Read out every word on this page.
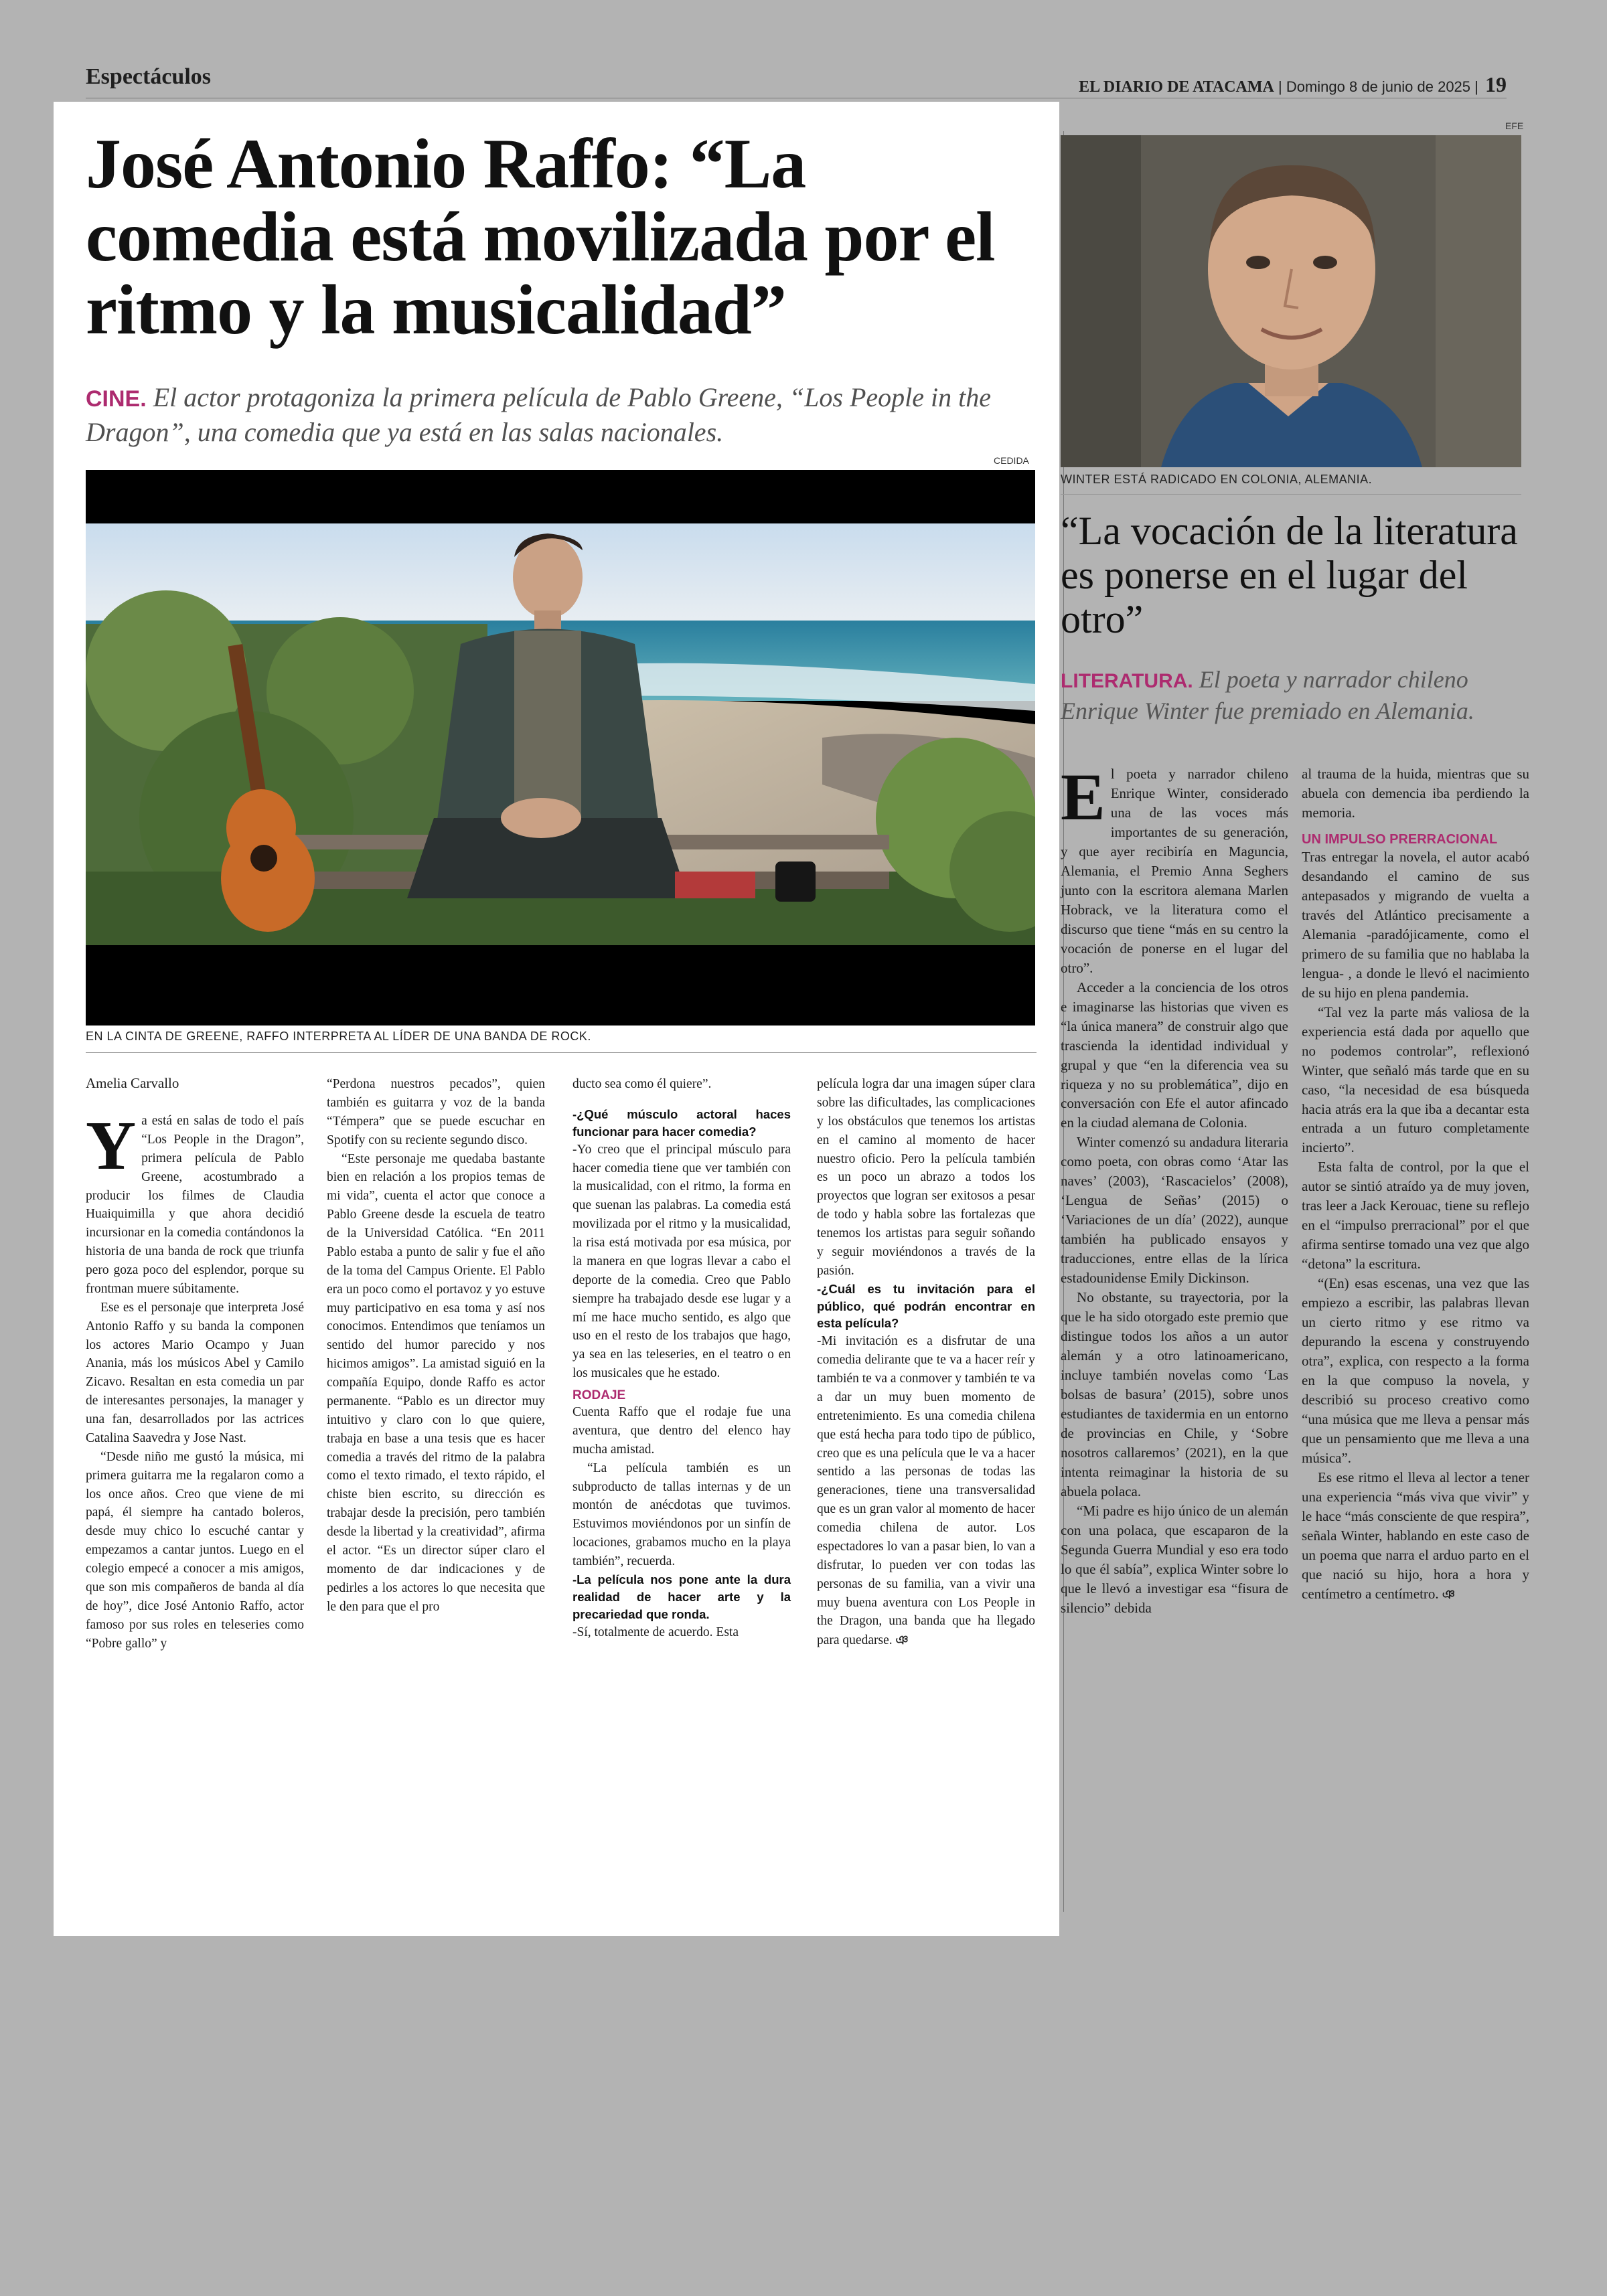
Espectáculos	EL DIARIO DE ATACAMA | Domingo 8 de junio de 2025 | 19
José Antonio Raffo: “La comedia está movilizada por el ritmo y la musicalidad”
CINE. El actor protagoniza la primera película de Pablo Greene, “Los People in the Dragon”, una comedia que ya está en las salas nacionales.
CEDIDA
EN LA CINTA DE GREENE, RAFFO INTERPRETA AL LÍDER DE UNA BANDA DE ROCK.

Amelia Carvallo

Ya está en salas de todo el país “Los People in the Dragon”, primera película de Pablo Greene, acostumbrado a producir los filmes de Claudia Huaiquimilla y que ahora decidió incursionar en la comedia contándonos la historia de una banda de rock que triunfa pero goza poco del esplendor, porque su frontman muere súbitamente.

Ese es el personaje que interpreta José Antonio Raffo y su banda la componen los actores Mario Ocampo y Juan Anania, más los músicos Abel y Camilo Zicavo. Resaltan en esta comedia un par de interesantes personajes, la manager y una fan, desarrollados por las actrices Catalina Saavedra y Jose Nast.

“Desde niño me gustó la música, mi primera guitarra me la regalaron como a los once años. Creo que viene de mi papá, él siempre ha cantado boleros, desde muy chico lo escuché cantar y empezamos a cantar juntos. Luego en el colegio empecé a conocer a mis amigos, que son mis compañeros de banda al día de hoy”, dice José Antonio Raffo, actor famoso por sus roles en teleseries como “Pobre gallo” y

“Perdona nuestros pecados”, quien también es guitarra y voz de la banda “Témpera” que se puede escuchar en Spotify con su reciente segundo disco.

“Este personaje me quedaba bastante bien en relación a los propios temas de mi vida”, cuenta el actor que conoce a Pablo Greene desde la escuela de teatro de la Universidad Católica. “En 2011 Pablo estaba a punto de salir y fue el año de la toma del Campus Oriente. El Pablo era un poco como el portavoz y yo estuve muy participativo en esa toma y así nos conocimos. Entendimos que teníamos un sentido del humor parecido y nos hicimos amigos”. La amistad siguió en la compañía Equipo, donde Raffo es actor permanente. “Pablo es un director muy intuitivo y claro con lo que quiere, trabaja en base a una tesis que es hacer comedia a través del ritmo de la palabra como el texto rimado, el texto rápido, el chiste bien escrito, su dirección es trabajar desde la precisión, pero también desde la libertad y la creatividad”, afirma el actor. “Es un director súper claro el momento de dar indicaciones y de pedirles a los actores lo que necesita que le den para que el pro

ducto sea como él quiere”.

-¿Qué músculo actoral haces funcionar para hacer comedia?

-Yo creo que el principal músculo para hacer comedia tiene que ver también con la musicalidad, con el ritmo, la forma en que suenan las palabras. La comedia está movilizada por el ritmo y la musicalidad, la risa está motivada por esa música, por la manera en que logras llevar a cabo el deporte de la comedia. Creo que Pablo siempre ha trabajado desde ese lugar y a mí me hace mucho sentido, es algo que uso en el resto de los trabajos que hago, ya sea en las teleseries, en el teatro o en los musicales que he estado.

RODAJE

Cuenta Raffo que el rodaje fue una aventura, que dentro del elenco hay mucha amistad.

“La película también es un subproducto de tallas internas y de un montón de anécdotas que tuvimos. Estuvimos moviéndonos por un sinfín de locaciones, grabamos mucho en la playa también”, recuerda.

-La película nos pone ante la dura realidad de hacer arte y la precariedad que ronda.

-Sí, totalmente de acuerdo. Esta

película logra dar una imagen súper clara sobre las dificultades, las complicaciones y los obstáculos que tenemos los artistas en el camino al momento de hacer nuestro oficio. Pero la película también es un poco un abrazo a todos los proyectos que logran ser exitosos a pesar de todo y habla sobre las fortalezas que tenemos los artistas para seguir soñando y seguir moviéndonos a través de la pasión.

-¿Cuál es tu invitación para el público, qué podrán encontrar en esta película?

-Mi invitación es a disfrutar de una comedia delirante que te va a hacer reír y también te va a conmover y también te va a dar un muy buen momento de entretenimiento. Es una comedia chilena que está hecha para todo tipo de público, creo que es una película que le va a hacer sentido a las personas de todas las generaciones, tiene una transversalidad que es un gran valor al momento de hacer comedia chilena de autor. Los espectadores lo van a pasar bien, lo van a disfrutar, lo pueden ver con todas las personas de su familia, van a vivir una muy buena aventura con Los People in the Dragon, una banda que ha llegado para quedarse. ঞ

EFE
WINTER ESTÁ RADICADO EN COLONIA, ALEMANIA.
“La vocación de la literatura es ponerse en el lugar del otro”
LITERATURA. El poeta y narrador chileno Enrique Winter fue premiado en Alemania.

El poeta y narrador chileno Enrique Winter, considerado una de las voces más importantes de su generación, y que ayer recibiría en Maguncia, Alemania, el Premio Anna Seghers junto con la escritora alemana Marlen Hobrack, ve la literatura como el discurso que tiene “más en su centro la vocación de ponerse en el lugar del otro”.

Acceder a la conciencia de los otros e imaginarse las historias que viven es “la única manera” de construir algo que trascienda la identidad individual y grupal y que “en la diferencia vea su riqueza y no su problemática”, dijo en conversación con Efe el autor afincado en la ciudad alemana de Colonia.

Winter comenzó su andadura literaria como poeta, con obras como ‘Atar las naves’ (2003), ‘Rascacielos’ (2008), ‘Lengua de Señas’ (2015) o ‘Variaciones de un día’ (2022), aunque también ha publicado ensayos y traducciones, entre ellas de la lírica estadounidense Emily Dickinson.

No obstante, su trayectoria, por la que le ha sido otorgado este premio que distingue todos los años a un autor alemán y a otro latinoamericano, incluye también novelas como ‘Las bolsas de basura’ (2015), sobre unos estudiantes de taxidermia en un entorno de provincias en Chile, y ‘Sobre nosotros callaremos’ (2021), en la que intenta reimaginar la historia de su abuela polaca.

“Mi padre es hijo único de un alemán con una polaca, que escaparon de la Segunda Guerra Mundial y eso era todo lo que él sabía”, explica Winter sobre lo que le llevó a investigar esa “fisura de silencio” debida

al trauma de la huida, mientras que su abuela con demencia iba perdiendo la memoria.

UN IMPULSO PRERRACIONAL

Tras entregar la novela, el autor acabó desandando el camino de sus antepasados y migrando de vuelta a través del Atlántico precisamente a Alemania -paradójicamente, como el primero de su familia que no hablaba la lengua- , a donde le llevó el nacimiento de su hijo en plena pandemia.

“Tal vez la parte más valiosa de la experiencia está dada por aquello que no podemos controlar”, reflexionó Winter, que señaló más tarde que en su caso, “la necesidad de esa búsqueda hacia atrás era la que iba a decantar esta entrada a un futuro completamente incierto”.

Esta falta de control, por la que el autor se sintió atraído ya de muy joven, tras leer a Jack Kerouac, tiene su reflejo en el “impulso prerracional” por el que afirma sentirse tomado una vez que algo “detona” la escritura.

“(En) esas escenas, una vez que las empiezo a escribir, las palabras llevan un cierto ritmo y ese ritmo va depurando la escena y construyendo otra”, explica, con respecto a la forma en la que compuso la novela, y describió su proceso creativo como “una música que me lleva a pensar más que un pensamiento que me lleva a una música”.

Es ese ritmo el lleva al lector a tener una experiencia “más viva que vivir” y le hace “más consciente de que respira”, señala Winter, hablando en este caso de un poema que narra el arduo parto en el que nació su hijo, hora a hora y centímetro a centímetro. ঞ
